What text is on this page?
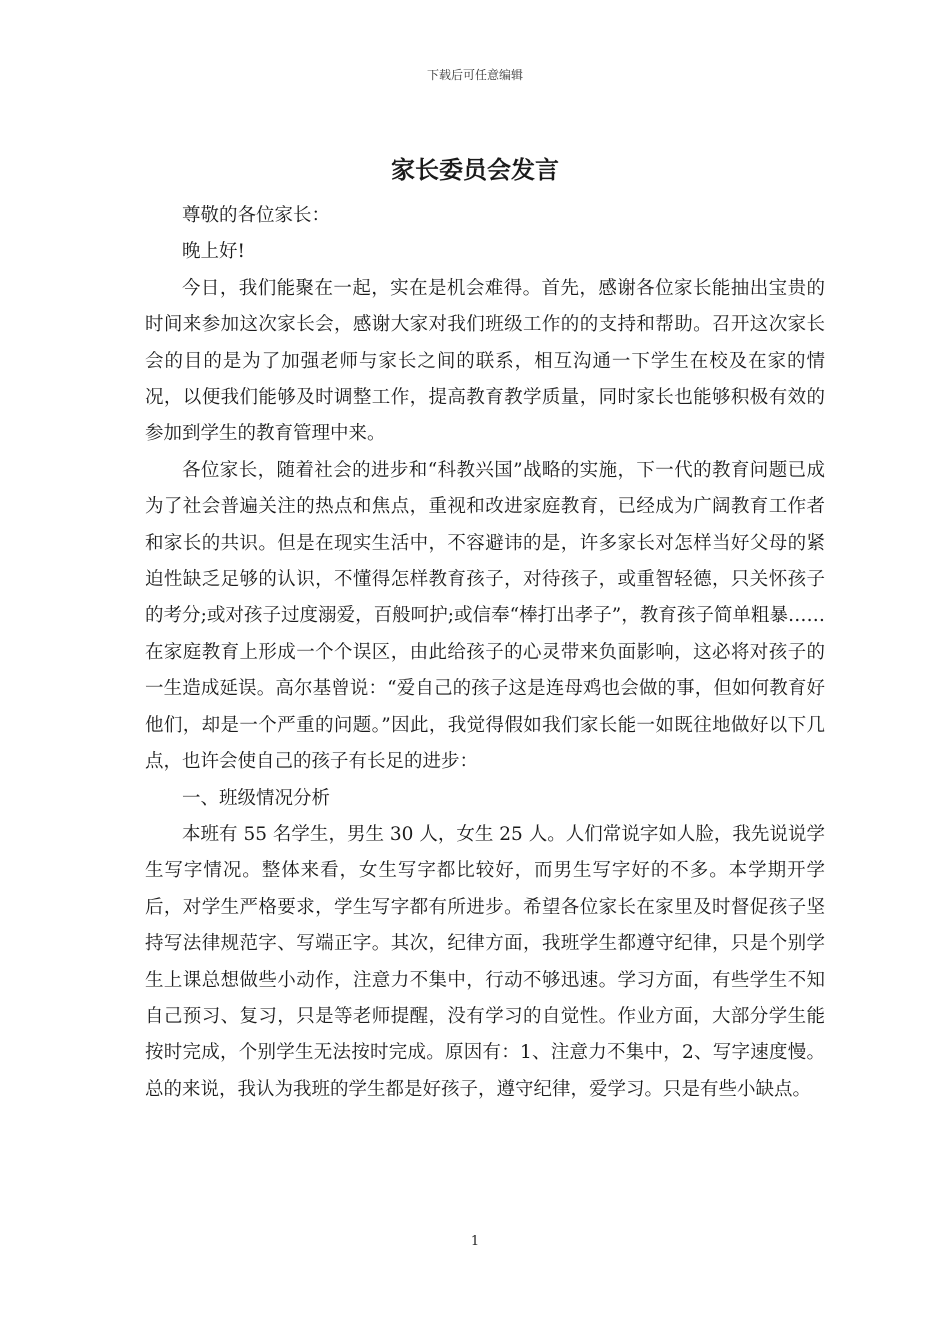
下载后可任意编辑
家长委员会发言

尊敬的各位家长：

晚上好!

今日，我们能聚在一起，实在是机会难得。首先，感谢各位家长能抽出宝贵的时间来参加这次家长会，感谢大家对我们班级工作的的支持和帮助。召开这次家长会的目的是为了加强老师与家长之间的联系，相互沟通一下学生在校及在家的情况，以便我们能够及时调整工作，提高教育教学质量，同时家长也能够积极有效的参加到学生的教育管理中来。

各位家长，随着社会的进步和“科教兴国”战略的实施，下一代的教育问题已成为了社会普遍关注的热点和焦点，重视和改进家庭教育，已经成为广阔教育工作者和家长的共识。但是在现实生活中，不容避讳的是，许多家长对怎样当好父母的紧迫性缺乏足够的认识，不懂得怎样教育孩子，对待孩子，或重智轻德，只关怀孩子的考分;或对孩子过度溺爱，百般呵护;或信奉“棒打出孝子”，教育孩子简单粗暴……在家庭教育上形成一个个误区，由此给孩子的心灵带来负面影响，这必将对孩子的一生造成延误。高尔基曾说：“爱自己的孩子这是连母鸡也会做的事，但如何教育好他们，却是一个严重的问题。”因此，我觉得假如我们家长能一如既往地做好以下几点，也许会使自己的孩子有长足的进步：

一、班级情况分析

本班有 55 名学生，男生 30 人，女生 25 人。人们常说字如人脸，我先说说学生写字情况。整体来看，女生写字都比较好，而男生写字好的不多。本学期开学后，对学生严格要求，学生写字都有所进步。希望各位家长在家里及时督促孩子坚持写法律规范字、写端正字。其次，纪律方面，我班学生都遵守纪律，只是个别学生上课总想做些小动作，注意力不集中，行动不够迅速。学习方面，有些学生不知自己预习、复习，只是等老师提醒，没有学习的自觉性。作业方面，大部分学生能按时完成，个别学生无法按时完成。原因有：1、注意力不集中，2、写字速度慢。总的来说，我认为我班的学生都是好孩子，遵守纪律，爱学习。只是有些小缺点。

1
